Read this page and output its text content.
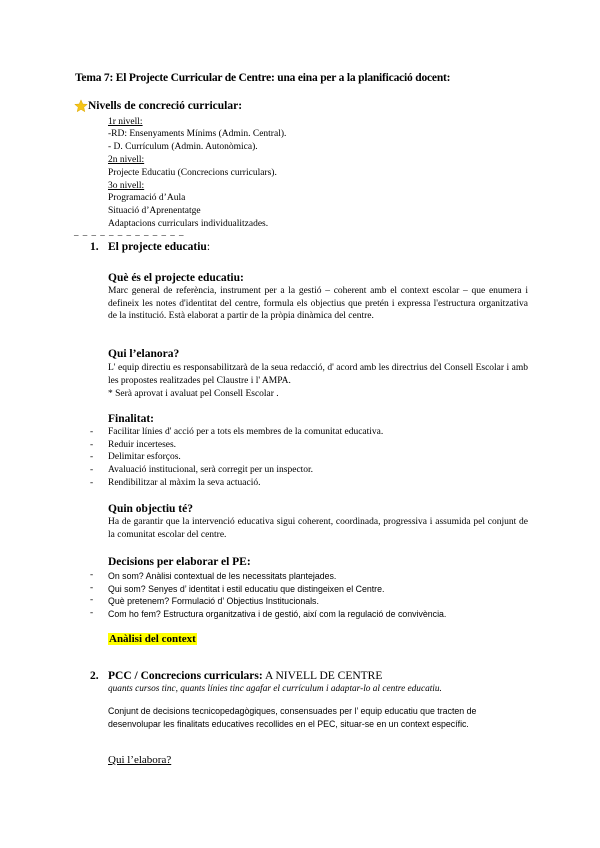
Tema 7: El Projecte Curricular de Centre: una eina per a la planificació docent:
Nivells de concreció curricular:
1r nivell:
-RD: Ensenyaments Mínims (Admin. Central).
- D. Currículum (Admin. Autonòmica).
2n nivell:
Projecte Educatiu (Concrecions curriculars).
3o nivell:
Programació d’Aula
Situació d’Aprenentatge
Adaptacions curriculars individualitzades.
– – – – – – – – – – – – –
1. El projecte educatiu:
Què és el projecte educatiu:
Marc general de referència, instrument per a la gestió – coherent amb el context escolar – que enumera i defineix les notes d'identitat del centre, formula els objectius que pretén i expressa l'estructura organitzativa de la institució. Està elaborat a partir de la pròpia dinàmica del centre.
Qui l’elanora?
L' equip directiu es responsabilitzarà de la seua redacció, d' acord amb les directrius del Consell Escolar i amb les propostes realitzades pel Claustre i l' AMPA.
* Serà aprovat i avaluat pel Consell Escolar .
Finalitat:
- Facilitar línies d' acció per a tots els membres de la comunitat educativa.
- Reduir incerteses.
- Delimitar esforços.
- Avaluació institucional, serà corregit per un inspector.
- Rendibilitzar al màxim la seva actuació.
Quin objectiu té?
Ha de garantir que la intervenció educativa sigui coherent, coordinada, progressiva i assumida pel conjunt de la comunitat escolar del centre.
Decisions per elaborar el PE:
- On som? Anàlisi contextual de les necessitats plantejades.
- Qui som? Senyes d’ identitat i estil educatiu que distingeixen el Centre.
- Què pretenem? Formulació d’ Objectius Institucionals.
- Com ho fem? Estructura organitzativa i de gestió, així com la regulació de convivència.
Anàlisi del context
2. PCC / Concrecions curriculars: A NIVELL DE CENTRE
quants cursos tinc, quants línies tinc agafar el currículum i adaptar-lo al centre educatiu.
Conjunt de decisions tecnicopedagògiques, consensuades per l’ equip educatiu que tracten de desenvolupar les finalitats educatives recollides en el PEC, situar-se en un context específic.
Qui l’elabora?
